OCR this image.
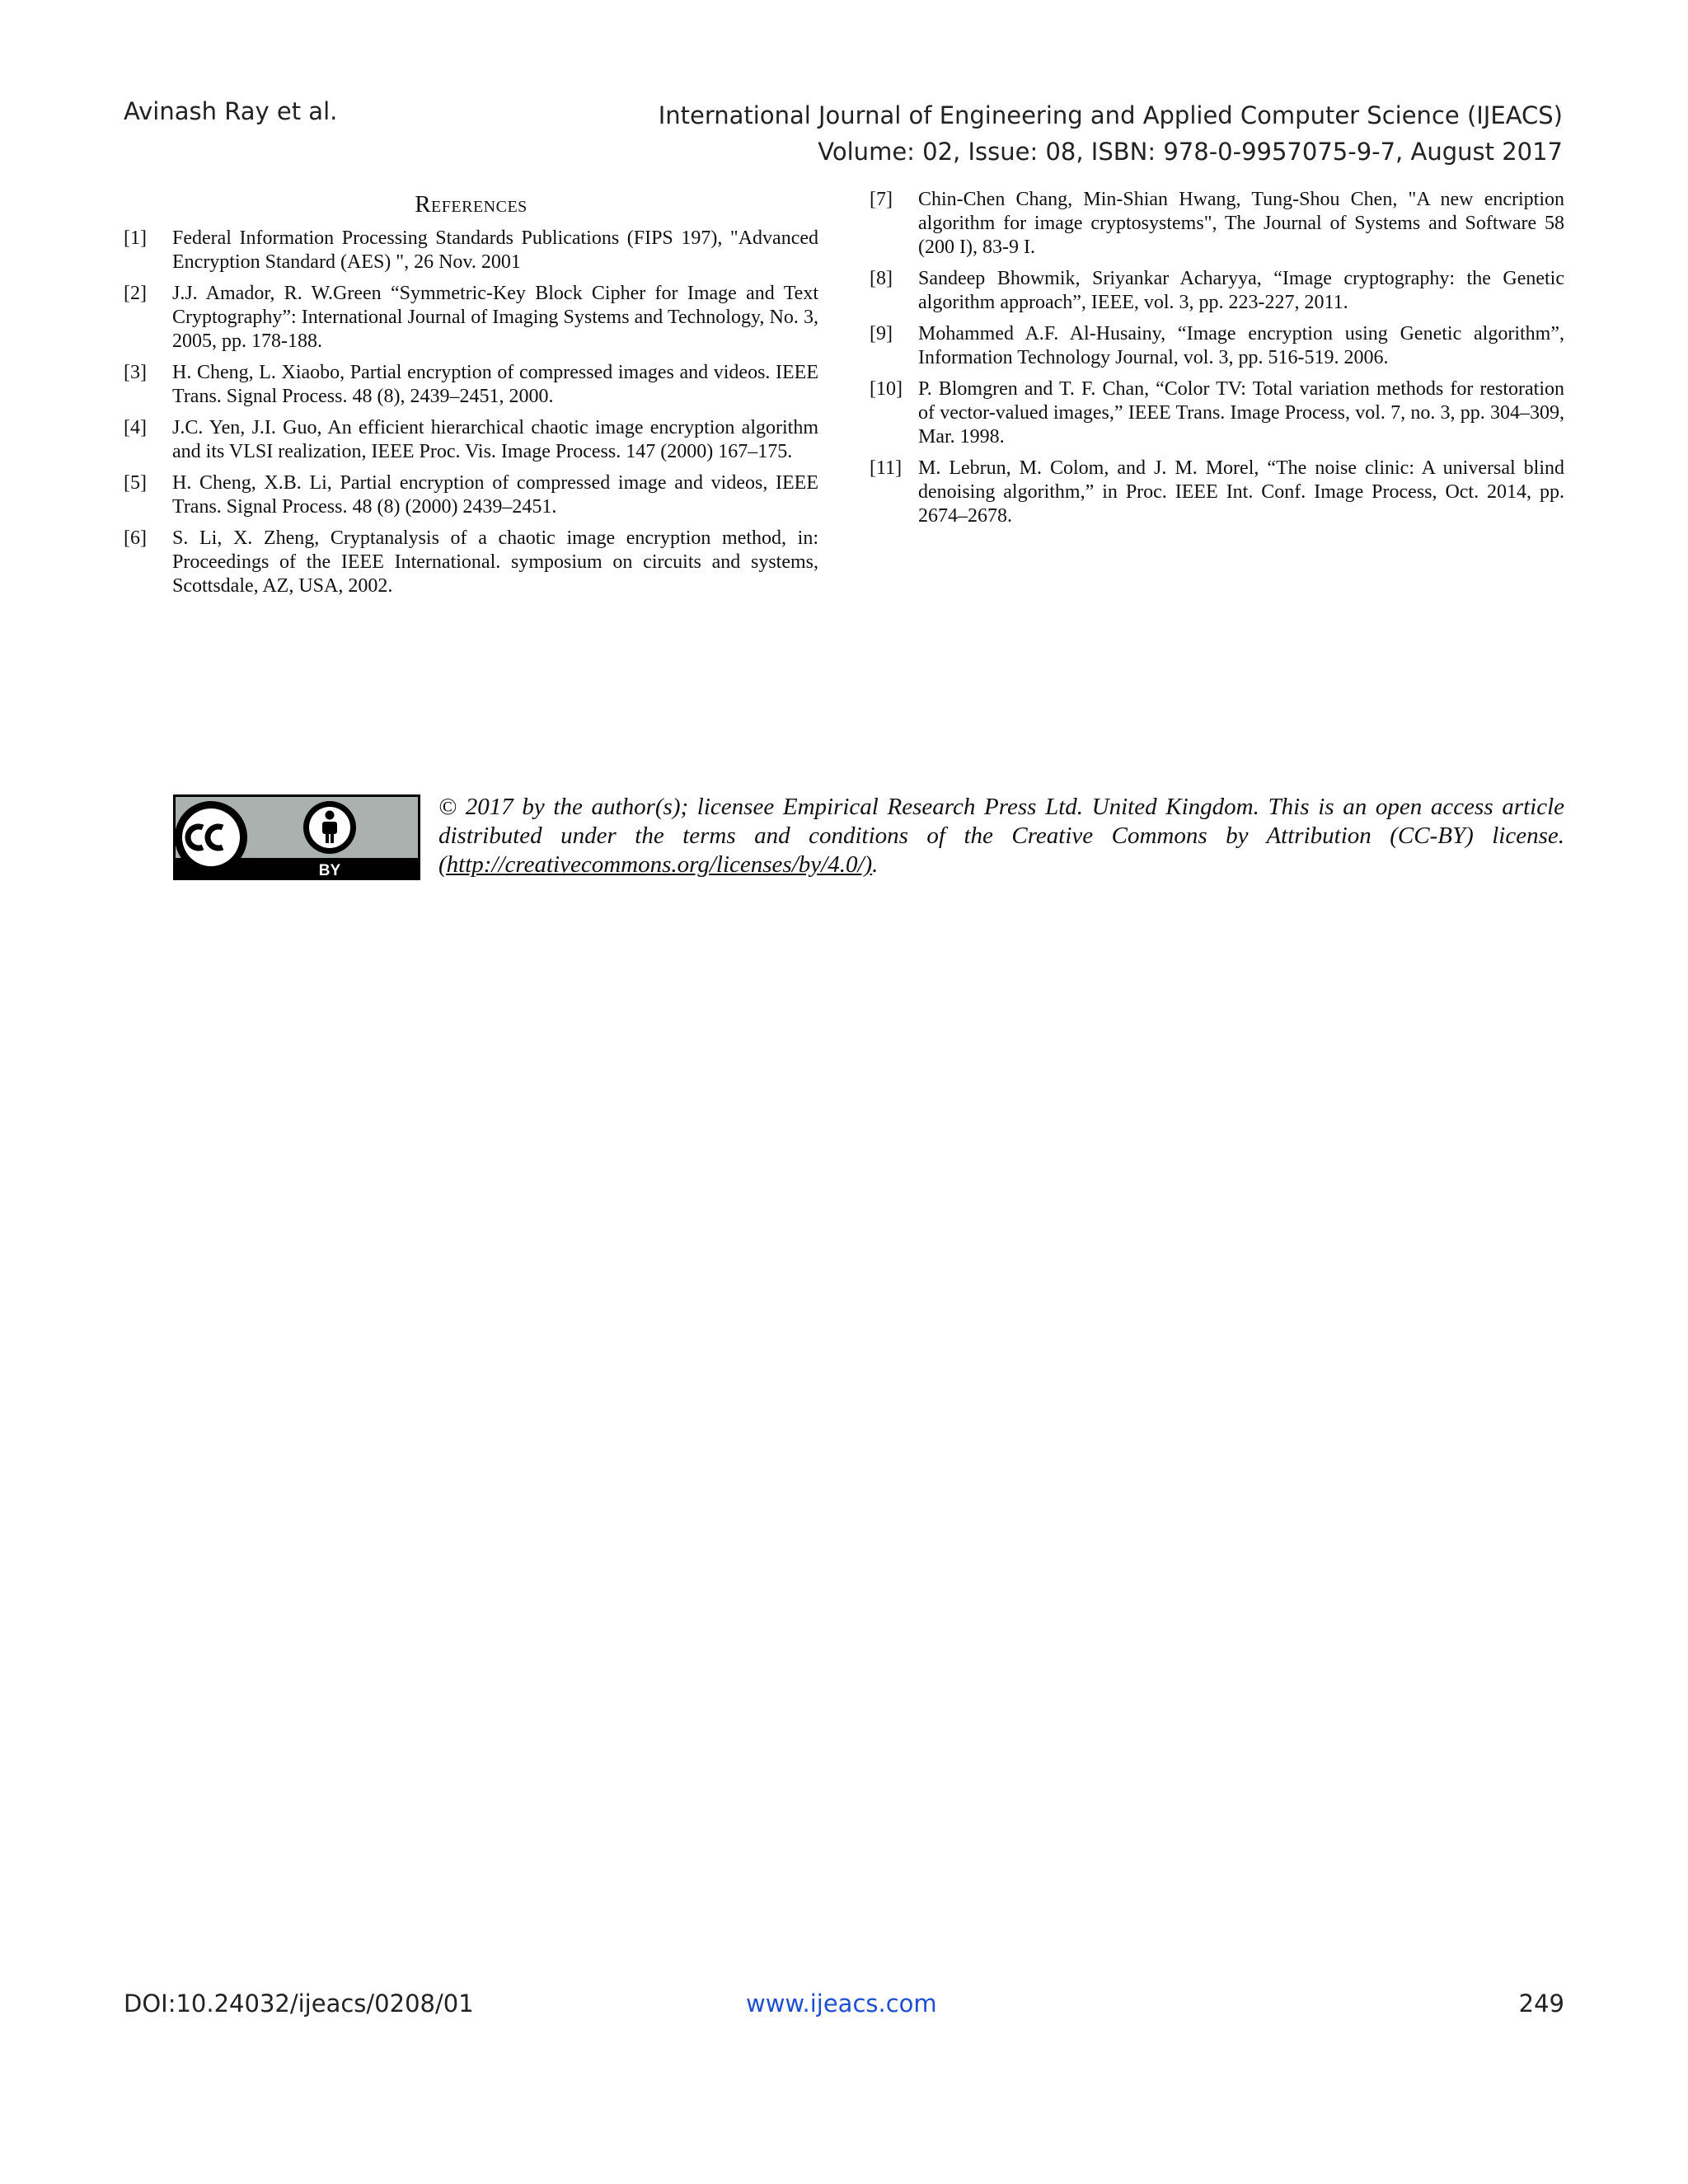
Avinash Ray et al.	International Journal of Engineering and Applied Computer Science (IJEACS)
Volume: 02, Issue: 08, ISBN: 978-0-9957075-9-7, August 2017
References
[1]	Federal Information Processing Standards Publications (FIPS 197), "Advanced Encryption Standard (AES) ", 26 Nov. 2001
[2]	J.J. Amador, R. W.Green “Symmetric-Key Block Cipher for Image and Text Cryptography”: International Journal of Imaging Systems and Technology, No. 3, 2005, pp. 178-188.
[3]	H. Cheng, L. Xiaobo, Partial encryption of compressed images and videos. IEEE Trans. Signal Process. 48 (8), 2439–2451, 2000.
[4]	J.C. Yen, J.I. Guo, An efficient hierarchical chaotic image encryption algorithm and its VLSI realization, IEEE Proc. Vis. Image Process. 147 (2000) 167–175.
[5]	H. Cheng, X.B. Li, Partial encryption of compressed image and videos, IEEE Trans. Signal Process. 48 (8) (2000) 2439–2451.
[6]	S. Li, X. Zheng, Cryptanalysis of a chaotic image encryption method, in: Proceedings of the IEEE International. symposium on circuits and systems, Scottsdale, AZ, USA, 2002.
[7]	Chin-Chen Chang, Min-Shian Hwang, Tung-Shou Chen, "A new encription algorithm for image cryptosystems", The Journal of Systems and Software 58 (200 I), 83-9 I.
[8]	Sandeep Bhowmik, Sriyankar Acharyya, “Image cryptography: the Genetic algorithm approach”, IEEE, vol. 3, pp. 223-227, 2011.
[9]	Mohammed A.F. Al-Husainy, “Image encryption using Genetic algorithm”, Information Technology Journal, vol. 3, pp. 516-519. 2006.
[10] P. Blomgren and T. F. Chan, “Color TV: Total variation methods for restoration of vector-valued images,” IEEE Trans. Image Process, vol. 7, no. 3, pp. 304–309, Mar. 1998.
[11] M. Lebrun, M. Colom, and J. M. Morel, “The noise clinic: A universal blind denoising algorithm,” in Proc. IEEE Int. Conf. Image Process, Oct. 2014, pp. 2674–2678.
BY
© 2017 by the author(s); licensee Empirical Research Press Ltd. United Kingdom. This is an open access article distributed under the terms and conditions of the Creative Commons by Attribution (CC-BY) license. (http://creativecommons.org/licenses/by/4.0/).
DOI:10.24032/ijeacs/0208/01	www.ijeacs.com	249
